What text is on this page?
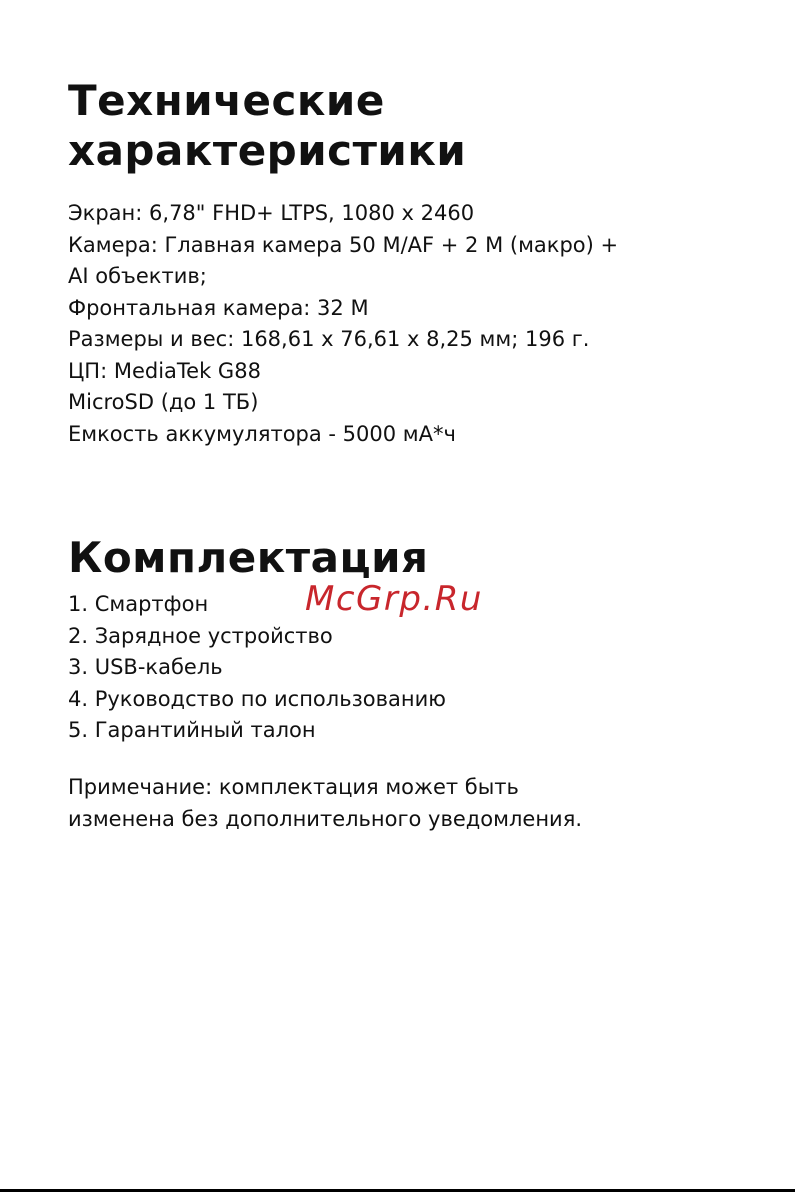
Технические
характеристики
Экран: 6,78" FHD+ LTPS, 1080 x 2460
Камера: Главная камера 50 М/AF + 2 М (макро) +
AI объектив;
Фронтальная камера: 32 М
Размеры и вес: 168,61 х 76,61 х 8,25 мм; 196 г.
ЦП: MediaTek G88
MicroSD (до 1 ТБ)
Емкость аккумулятора - 5000 мА*ч
Комплектация
1. Смартфон
2. Зарядное устройство
3. USB-кабель
4. Руководство по использованию
5. Гарантийный талон

Примечание: комплектация может быть
изменена без дополнительного уведомления.

McGrp.Ru
